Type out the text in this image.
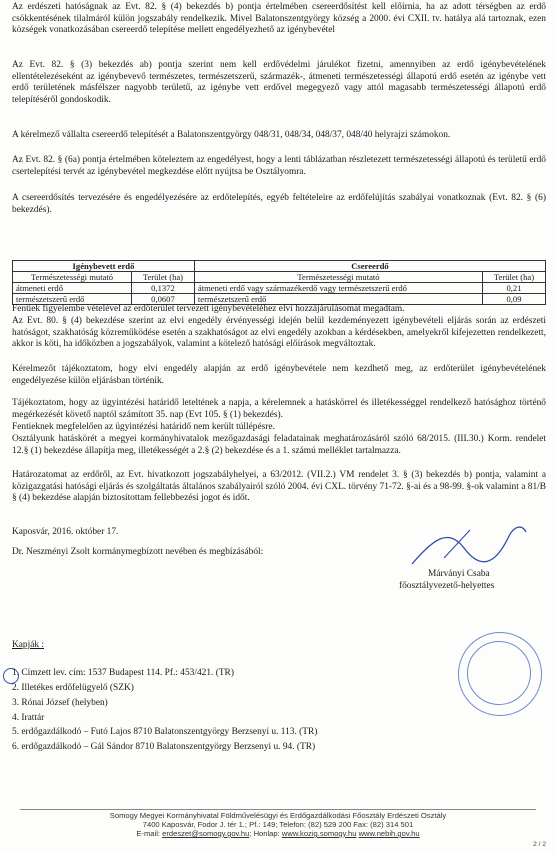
Az erdészeti hatóságnak az Evt. 82. § (4) bekezdés b) pontja értelmében csereerdősítést kell előírnia, ha az adott térségben az erdő csökkentésének tilalmáról külön jogszabály rendelkezik. Mivel Balatonszentgyörgy község a 2000. évi CXII. tv. hatálya alá tartoznak, ezen községek vonatkozásában csereerdő telepítése mellett engedélyezhető az igénybevétel

Az Evt. 82. § (3) bekezdés ab) pontja szerint nem kell erdővédelmi járulékot fizetni, amennyiben az erdő igénybevételének ellentételezéseként az igénybevevő természetes, természetszerű, származék-, átmeneti természetességi állapotú erdő esetén az igénybe vett erdő területének másfélszer nagyobb területű, az igénybe vett erdővel megegyező vagy attól magasabb természetességi állapotú erdő telepítéséről gondoskodik.

A kérelmező vállalta csereerdő telepítését a Balatonszentgyörgy 048/31, 048/34, 048/37, 048/40 helyrajzi számokon.

Az Evt. 82. § (6a) pontja értelmében köteleztem az engedélyest, hogy a lenti táblázatban részletezett természetességi állapotú és területű erdő csertelepítési tervét az igénybevétel megkezdése előtt nyújtsa be Osztályomra.

A csereerdősítés tervezésére és engedélyezésére az erdőtelepítés, egyéb feltételeire az erdőfelújítás szabályai vonatkoznak (Evt. 82. § (6) bekezdés).

Igénybevett erdő		Csereerdő	
Természetességi mutató	Terület (ha)	Természetességi mutató	Terület (ha)
átmeneti erdő	0,1372	átmeneti erdő vagy származékerdő vagy természetszerű erdő	0,21
természetszerű erdő	0,0607	természetszerű erdő	0,09

Fentiek figyelembe vételével az erdőterület tervezett igénybevételéhez elvi hozzájárulásomat megadtam.

Az Evt. 80. § (4) bekezdése szerint az elvi engedély érvényességi idején belül kezdeményezett igénybevételi eljárás során az erdészeti hatóságot, szakhatóság közreműködése esetén a szakhatóságot az elvi engedély azokban a kérdésekben, amelyekről kifejezetten rendelkezett, akkor is köti, ha időközben a jogszabályok, valamint a kötelező hatósági előírások megváltoztak.

Kérelmezőt tájékoztatom, hogy elvi engedély alapján az erdő igénybevétele nem kezdhető meg, az erdőterület igénybevételének engedélyezése külön eljárásban történik.

Tájékoztatom, hogy az ügyintézési határidő leteltének a napja, a kérelemnek a hatáskörrel és illetékességgel rendelkező hatósághoz történő megérkezését követő naptól számított 35. nap (Evt 105. § (1) bekezdés).

Fentieknek megfelelően az ügyintézési határidő nem került túllépésre.

Osztályunk hatáskörét a megyei kormányhivatalok mezőgazdasági feladatainak meghatározásáról szóló 68/2015. (III.30.) Korm. rendelet 12.§ (1) bekezdése állapítja meg, illetékességét a 2.§ (2) bekezdése és a 1. számú melléklet tartalmazza.

Határozatomat az erdőről, az Evt. hivatkozott jogszabályhelyei, a 63/2012. (VII.2.) VM rendelet 3. § (3) bekezdés b) pontja, valamint a közigazgatási hatósági eljárás és szolgáltatás általános szabályairól szóló 2004. évi CXL. törvény 71-72. §-ai és a 98-99. §-ok valamint a 81/B § (4) bekezdése alapján biztosítottam fellebbezési jogot és időt.

Kaposvár, 2016. október 17.

Dr. Neszményi Zsolt kormánymegbízott nevében és megbízásából:

Márványi Csaba

főosztályvezető-helyettes

Kapják :

1. Címzett lev. cím: 1537 Budapest 114. Pf.: 453/421. (TR)

2. Illetékes erdőfelügyelő (SZK)

3. Rónai József (helyben)

4. Irattár

5. erdőgazdálkodó – Futó Lajos 8710 Balatonszentgyörgy Berzsenyi u. 113. (TR)

6. erdőgazdálkodó – Gál Sándor 8710 Balatonszentgyörgy Berzsenyi u. 94. (TR)

Somogy Megyei Kormányhivatal Földművelésügyi és Erdőgazdálkodási Főosztály Erdészeti Osztály
7400 Kaposvár, Fodor J. tér 1.; Pf.: 149; Telefon: (82) 529 200 Fax: (82) 314 501
E-mail: erdeszet@somogy.gov.hu; Honlap: www.kozig.somogy.hu www.nebih.gov.hu
2 / 2
